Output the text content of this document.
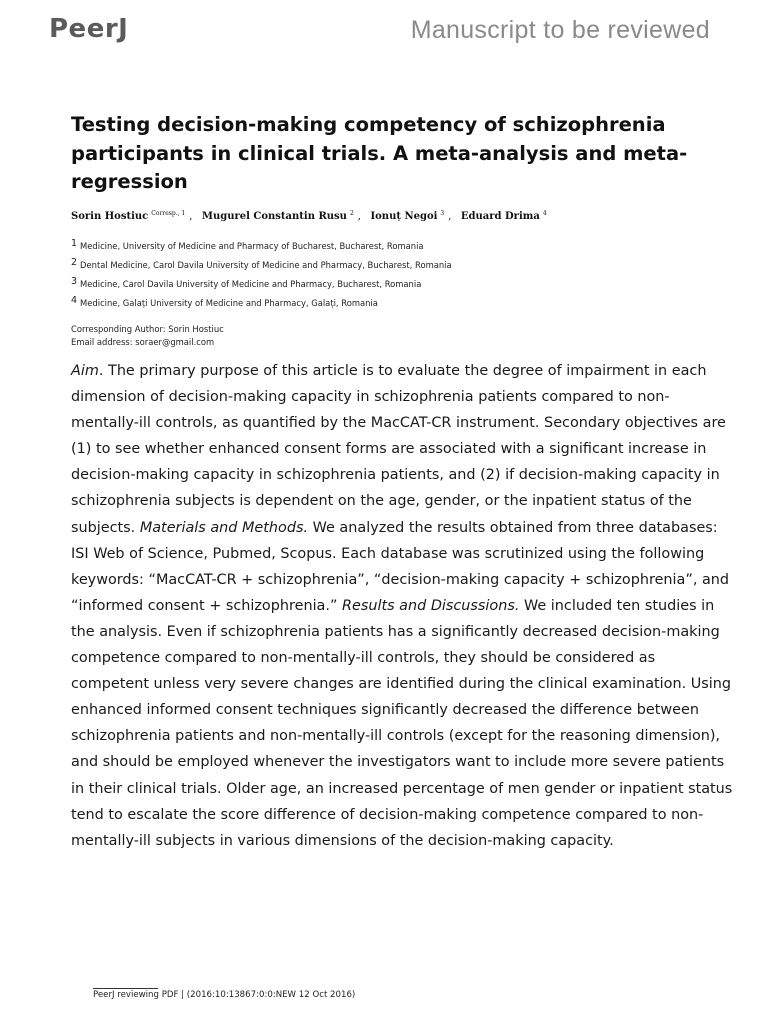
PeerJ	Manuscript to be reviewed
Testing decision-making competency of schizophrenia participants in clinical trials. A meta-analysis and meta-regression
Sorin Hostiuc $^{Corresp., 1}$ , Mugurel Constantin Rusu $^2$ , Ionuț Negoi $^3$ , Eduard Drima $^4$
$^1$ Medicine, University of Medicine and Pharmacy of Bucharest, Bucharest, Romania
$^2$ Dental Medicine, Carol Davila University of Medicine and Pharmacy, Bucharest, Romania
$^3$ Medicine, Carol Davila University of Medicine and Pharmacy, Bucharest, Romania
$^4$ Medicine, Galați University of Medicine and Pharmacy, Galați, Romania
Corresponding Author: Sorin Hostiuc
Email address: soraer@gmail.com

Aim. The primary purpose of this article is to evaluate the degree of impairment in each dimension of decision-making capacity in schizophrenia patients compared to non-mentally-ill controls, as quantified by the MacCAT-CR instrument. Secondary objectives are (1) to see whether enhanced consent forms are associated with a significant increase in decision-making capacity in schizophrenia patients, and (2) if decision-making capacity in schizophrenia subjects is dependent on the age, gender, or the inpatient status of the subjects. Materials and Methods. We analyzed the results obtained from three databases: ISI Web of Science, Pubmed, Scopus. Each database was scrutinized using the following keywords: “MacCAT-CR + schizophrenia”, “decision-making capacity + schizophrenia”, and “informed consent + schizophrenia.” Results and Discussions. We included ten studies in the analysis. Even if schizophrenia patients has a significantly decreased decision-making competence compared to non-mentally-ill controls, they should be considered as competent unless very severe changes are identified during the clinical examination. Using enhanced informed consent techniques significantly decreased the difference between schizophrenia patients and non-mentally-ill controls (except for the reasoning dimension), and should be employed whenever the investigators want to include more severe patients in their clinical trials. Older age, an increased percentage of men gender or inpatient status tend to escalate the score difference of decision-making competence compared to non-mentally-ill subjects in various dimensions of the decision-making capacity.

PeerJ reviewing PDF | (2016:10:13867:0:0:NEW 12 Oct 2016)
